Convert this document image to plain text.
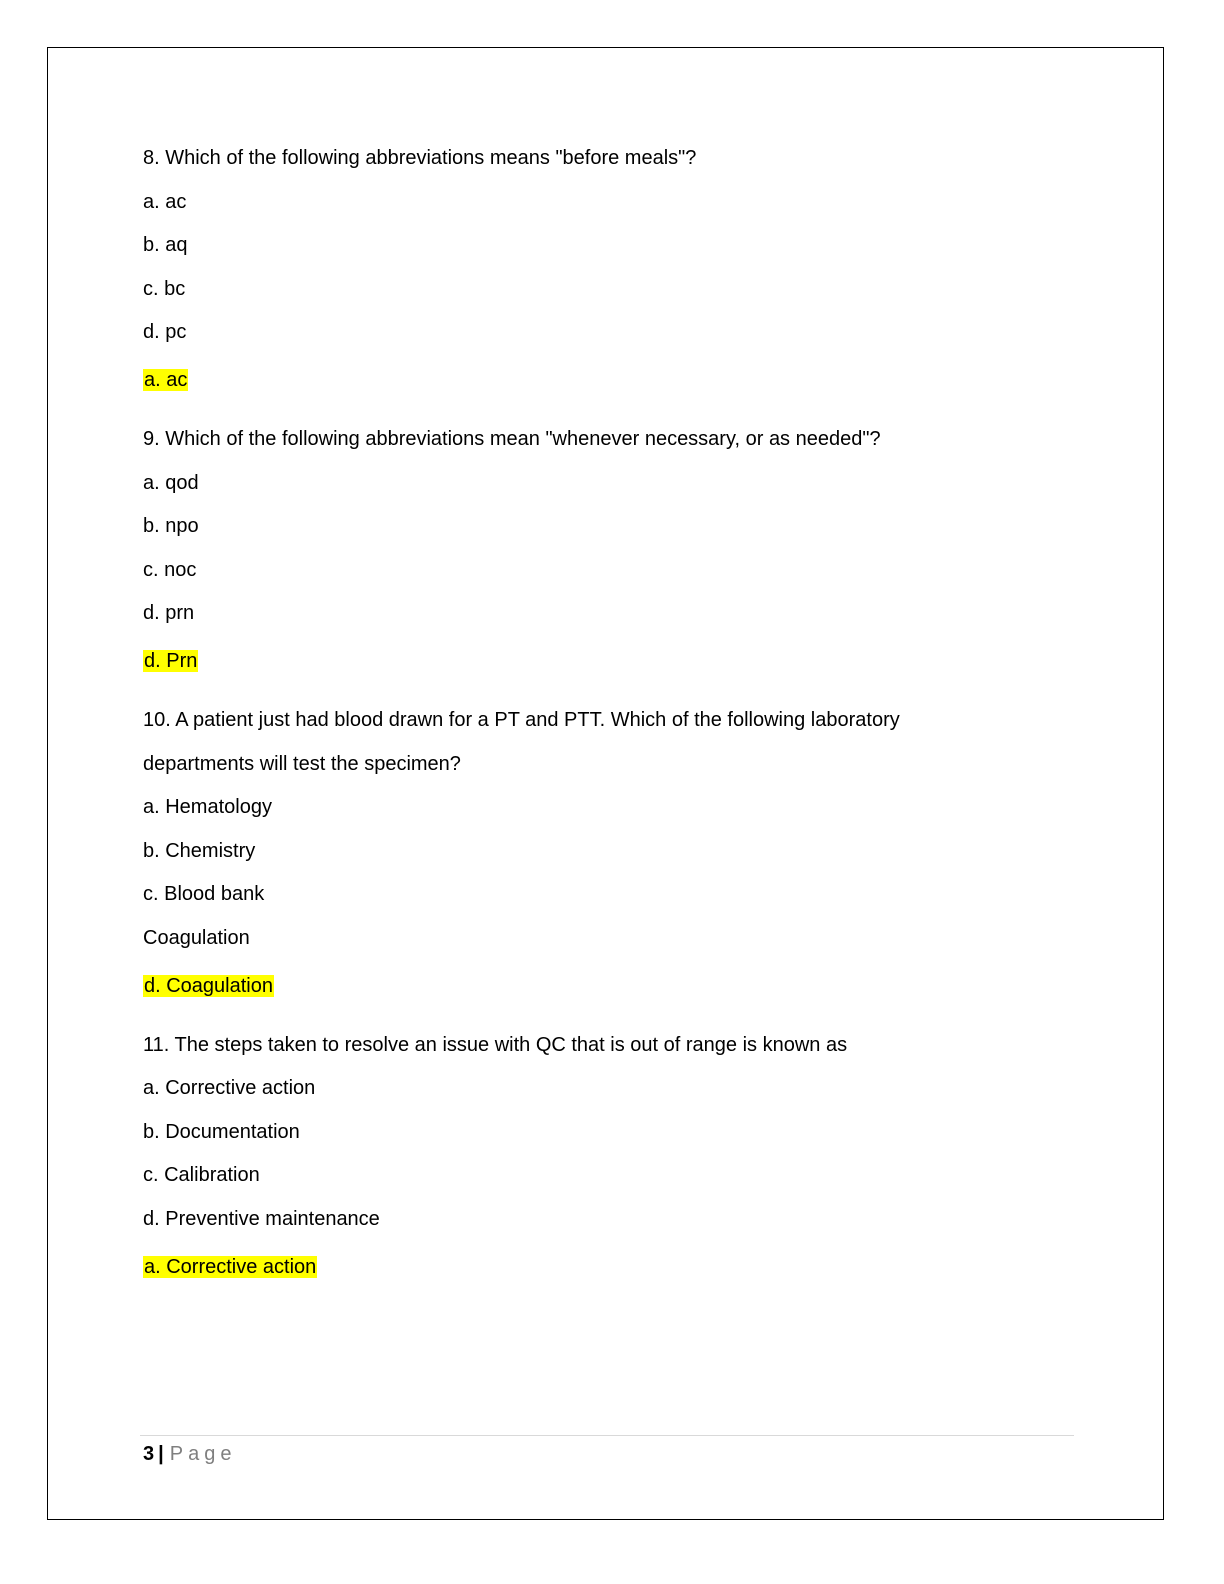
8. Which of the following abbreviations means "before meals"?
a. ac
b. aq
c. bc
d. pc
a. ac
9. Which of the following abbreviations mean "whenever necessary, or as needed"?
a. qod
b. npo
c. noc
d. prn
d. Prn
10. A patient just had blood drawn for a PT and PTT. Which of the following laboratory
departments will test the specimen?
a. Hematology
b. Chemistry
c. Blood bank
Coagulation
d. Coagulation
11. The steps taken to resolve an issue with QC that is out of range is known as
a. Corrective action
b. Documentation
c. Calibration
d. Preventive maintenance
a. Corrective action
3 | Page
